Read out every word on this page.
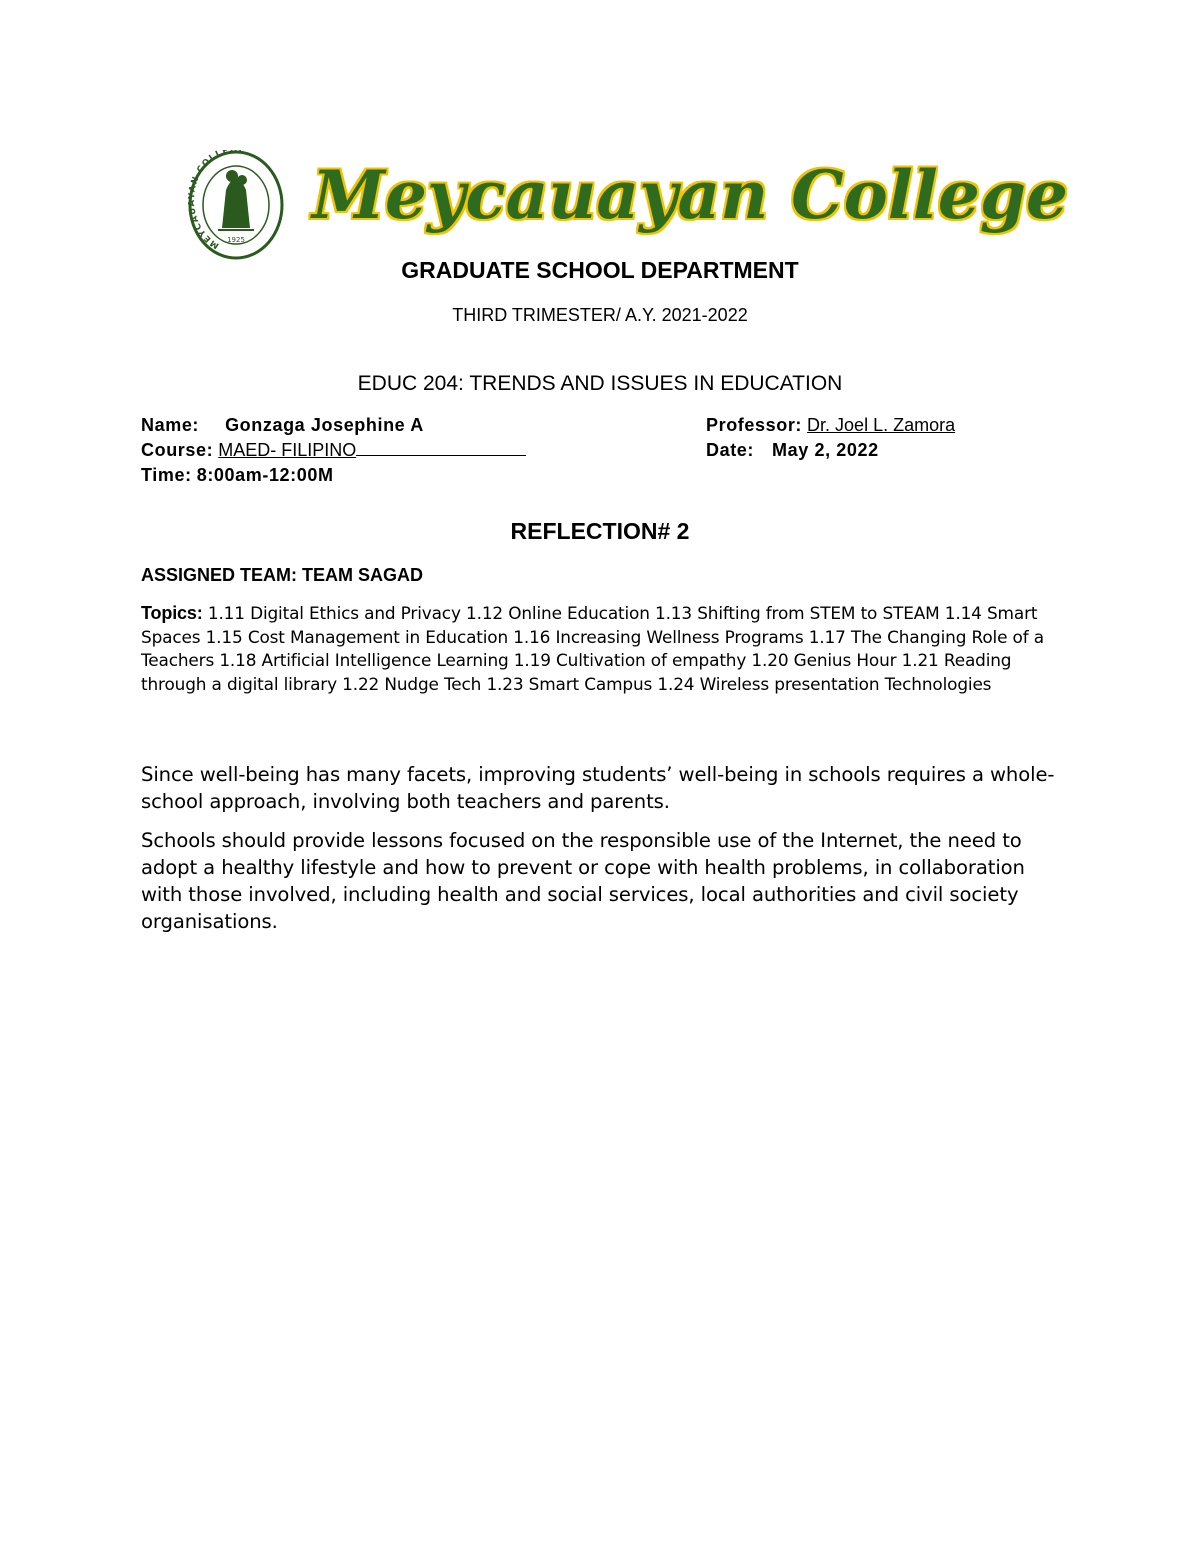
MEYCAU YAN COLLEGE
1925
Meycauayan College
GRADUATE SCHOOL DEPARTMENT
THIRD TRIMESTER/ A.Y. 2021-2022
EDUC 204: TRENDS AND ISSUES IN EDUCATION
Name: Gonzaga Josephine A
Course: MAED- FILIPINO
Time: 8:00am-12:00M
Professor: Dr. Joel L. Zamora
Date: May 2, 2022
REFLECTION# 2
ASSIGNED TEAM: TEAM SAGAD
Topics: 1.11 Digital Ethics and Privacy 1.12 Online Education 1.13 Shifting from STEM to STEAM 1.14 Smart Spaces 1.15 Cost Management in Education 1.16 Increasing Wellness Programs 1.17 The Changing Role of a Teachers 1.18 Artificial Intelligence Learning 1.19 Cultivation of empathy 1.20 Genius Hour 1.21 Reading through a digital library 1.22 Nudge Tech 1.23 Smart Campus 1.24 Wireless presentation Technologies
Since well-being has many facets, improving students’ well-being in schools requires a whole-school approach, involving both teachers and parents.
Schools should provide lessons focused on the responsible use of the Internet, the need to adopt a healthy lifestyle and how to prevent or cope with health problems, in collaboration with those involved, including health and social services, local authorities and civil society organisations.
